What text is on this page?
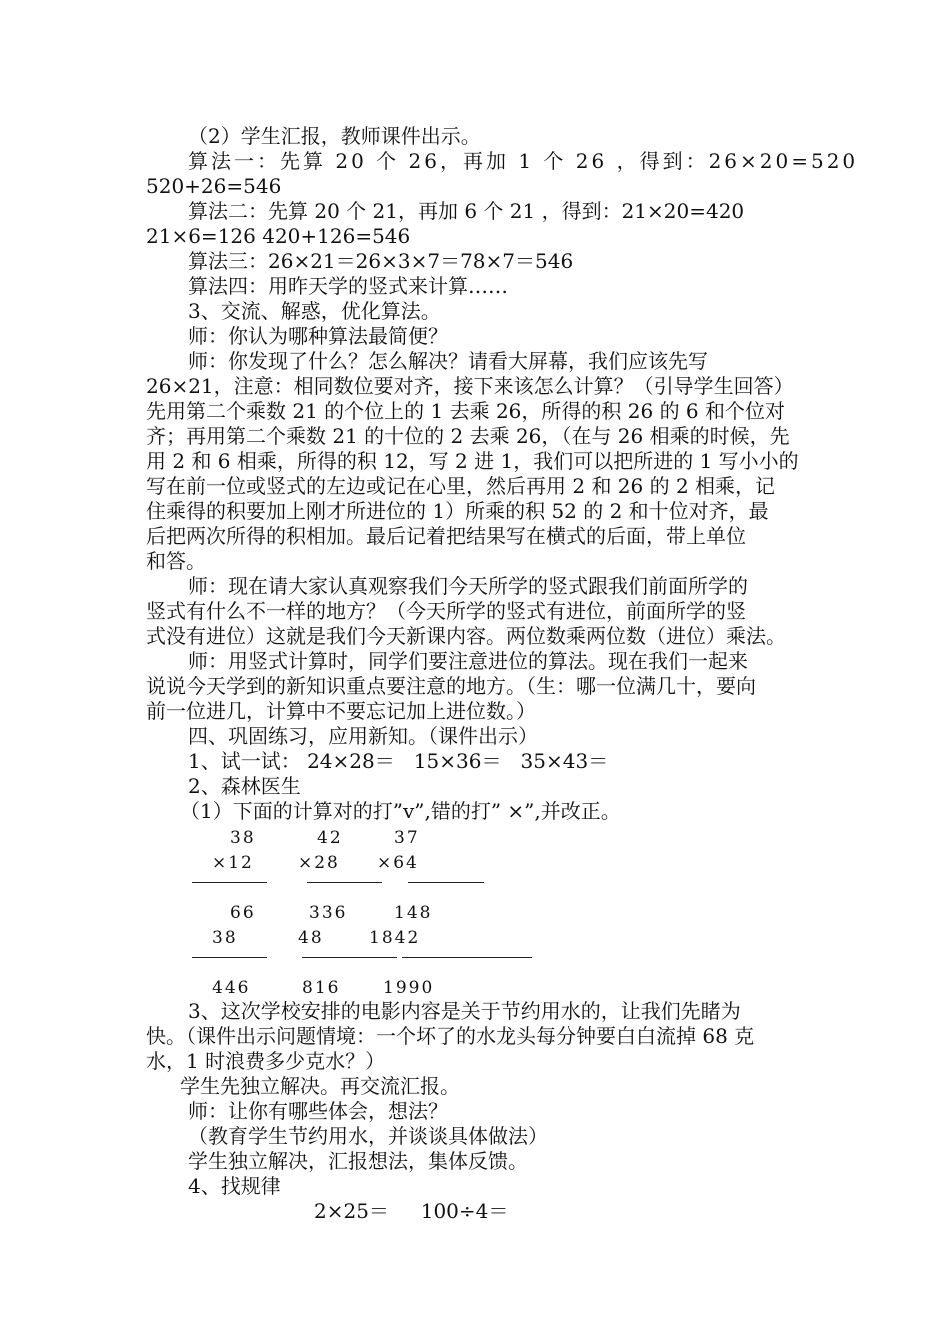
（2）学生汇报，教师课件出示。

算法一：先算 20 个 26，再加 1 个 26 ，得到：26×20=520

520+26=546

算法二：先算 20 个 21，再加 6 个 21 ，得到：21×20=420

21×6=126 420+126=546

算法三：26×21＝26×3×7＝78×7＝546

算法四：用昨天学的竖式来计算……

3、交流、解惑，优化算法。

师：你认为哪种算法最简便？

师：你发现了什么？怎么解决？请看大屏幕，我们应该先写

26×21，注意：相同数位要对齐，接下来该怎么计算？（引导学生回答）

先用第二个乘数 21 的个位上的 1 去乘 26，所得的积 26 的 6 和个位对

齐；再用第二个乘数 21 的十位的 2 去乘 26，（在与 26 相乘的时候，先

用 2 和 6 相乘，所得的积 12，写 2 进 1，我们可以把所进的 1 写小小的

写在前一位或竖式的左边或记在心里，然后再用 2 和 26 的 2 相乘，记

住乘得的积要加上刚才所进位的 1）所乘的积 52 的 2 和十位对齐，最

后把两次所得的积相加。最后记着把结果写在横式的后面，带上单位

和答。

师：现在请大家认真观察我们今天所学的竖式跟我们前面所学的

竖式有什么不一样的地方？（今天所学的竖式有进位，前面所学的竖

式没有进位）这就是我们今天新课内容。两位数乘两位数（进位）乘法。

师：用竖式计算时，同学们要注意进位的算法。现在我们一起来

说说今天学到的新知识重点要注意的地方。（生：哪一位满几十，要向

前一位进几，计算中不要忘记加上进位数。）

四、巩固练习，应用新知。（课件出示）

1、试一试： 24×28＝   15×36＝   35×43＝

2、森林医生

（1）下面的计算对的打”v”,错的打” ×”,并改正。

38	42	37
×12	×28 ×64
66	336	148
38	48	1842
446	816	1990

3、这次学校安排的电影内容是关于节约用水的，让我们先睹为

快。（课件出示问题情境：一个坏了的水龙头每分钟要白白流掉 68 克

水，1 时浪费多少克水？）

学生先独立解决。再交流汇报。

师：让你有哪些体会，想法？

（教育学生节约用水，并谈谈具体做法）

学生独立解决，汇报想法，集体反馈。

4、找规律

2×25＝     100÷4＝
